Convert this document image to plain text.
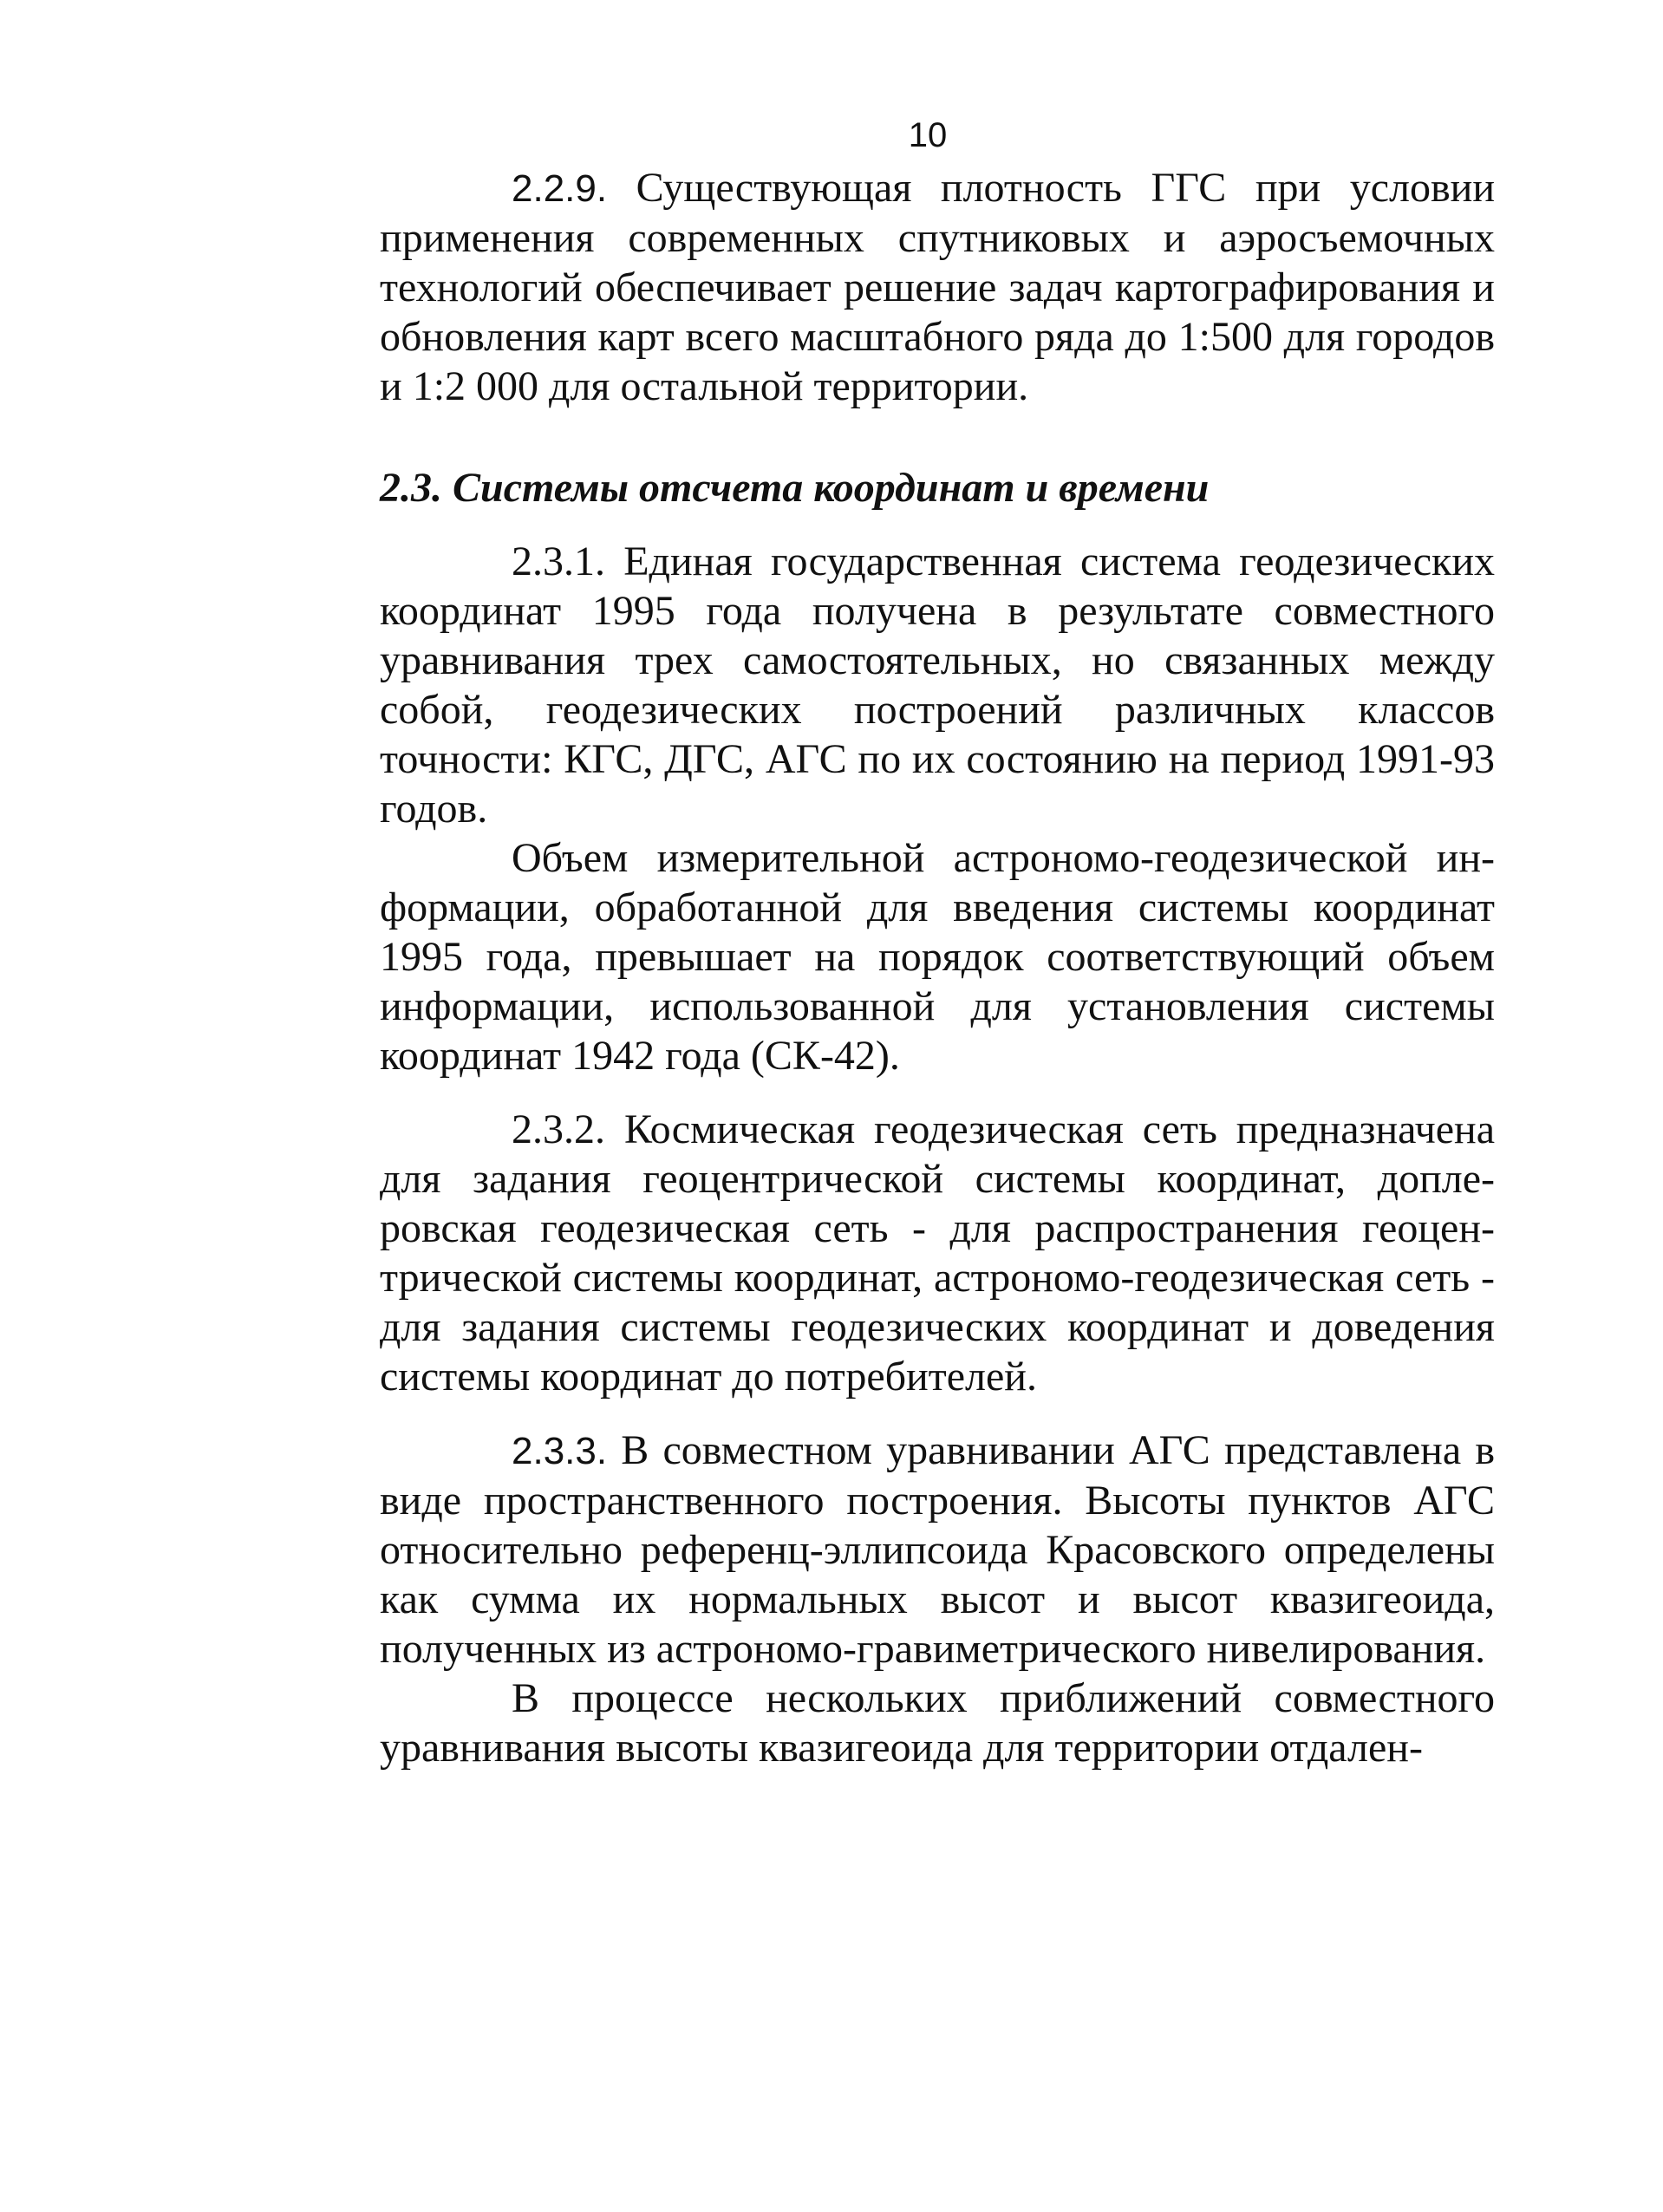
10

2.2.9. Существующая плотность ГГС при условии применения современных спутниковых и аэросъемочных технологий обеспечивает решение задач картографирования и обновления карт всего масштабного ряда до 1:500 для городов и 1:2 000 для остальной территории.

2.3. Системы отсчета координат и времени

2.3.1. Единая государственная система геодезических координат 1995 года получена в результате совместного уравнивания трех самостоятельных, но связанных между собой, геодезических построений различных классов точности: КГС, ДГС, АГС по их состоянию на период 1991-93 годов.

Объем измерительной астрономо-геодезической информации, обработанной для введения системы координат 1995 года, превышает на порядок соответствующий объем информации, использованной для установления системы координат 1942 года (СК-42).

2.3.2. Космическая геодезическая сеть предназначена для задания геоцентрической системы координат, доплеровская геодезическая сеть - для распространения геоцентрической системы координат, астрономо-геодезическая сеть - для задания системы геодезических координат и доведения системы координат до потребителей.

2.3.3. В совместном уравнивании АГС представлена в виде пространственного построения. Высоты пунктов АГС относительно референц-эллипсоида Красовского определены как сумма их нормальных высот и высот квазигеоида, полученных из астрономо-гравиметрического нивелирования.

В процессе нескольких приближений совместного уравнивания высоты квазигеоида для территории отдален-
